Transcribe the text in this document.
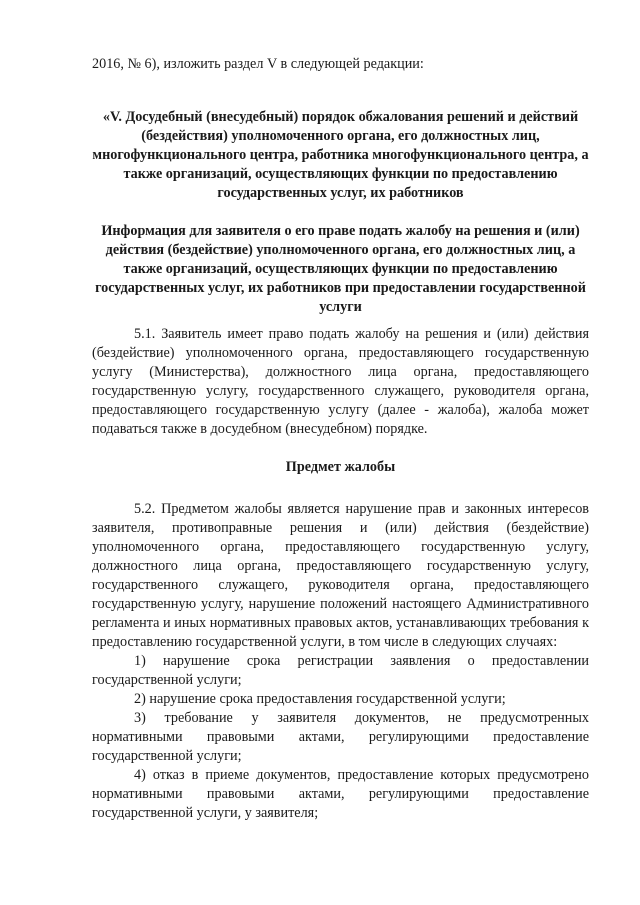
2016, № 6), изложить раздел V в следующей редакции:

«V. Досудебный (внесудебный) порядок обжалования решений и действий (бездействия) уполномоченного органа, его должностных лиц, многофункционального центра, работника многофункционального центра, а также организаций, осуществляющих функции по предоставлению государственных услуг, их работников

Информация для заявителя о его праве подать жалобу на решения и (или) действия (бездействие) уполномоченного органа, его должностных лиц, а также организаций, осуществляющих функции по предоставлению государственных услуг, их работников при предоставлении государственной услуги

5.1. Заявитель имеет право подать жалобу на решения и (или) действия (бездействие) уполномоченного органа, предоставляющего государственную услугу (Министерства), должностного лица органа, предоставляющего государственную услугу, государственного служащего, руководителя органа, предоставляющего государственную услугу (далее - жалоба), жалоба может подаваться также в досудебном (внесудебном) порядке.

Предмет жалобы

5.2. Предметом жалобы является нарушение прав и законных интересов заявителя, противоправные решения и (или) действия (бездействие) уполномоченного органа, предоставляющего государственную услугу, должностного лица органа, предоставляющего государственную услугу, государственного служащего, руководителя органа, предоставляющего государственную услугу, нарушение положений настоящего Административного регламента и иных нормативных правовых актов, устанавливающих требования к предоставлению государственной услуги, в том числе в следующих случаях:

1) нарушение срока регистрации заявления о предоставлении государственной услуги;

2) нарушение срока предоставления государственной услуги;

3) требование у заявителя документов, не предусмотренных нормативными правовыми актами, регулирующими предоставление государственной услуги;

4) отказ в приеме документов, предоставление которых предусмотрено нормативными правовыми актами, регулирующими предоставление государственной услуги, у заявителя;
